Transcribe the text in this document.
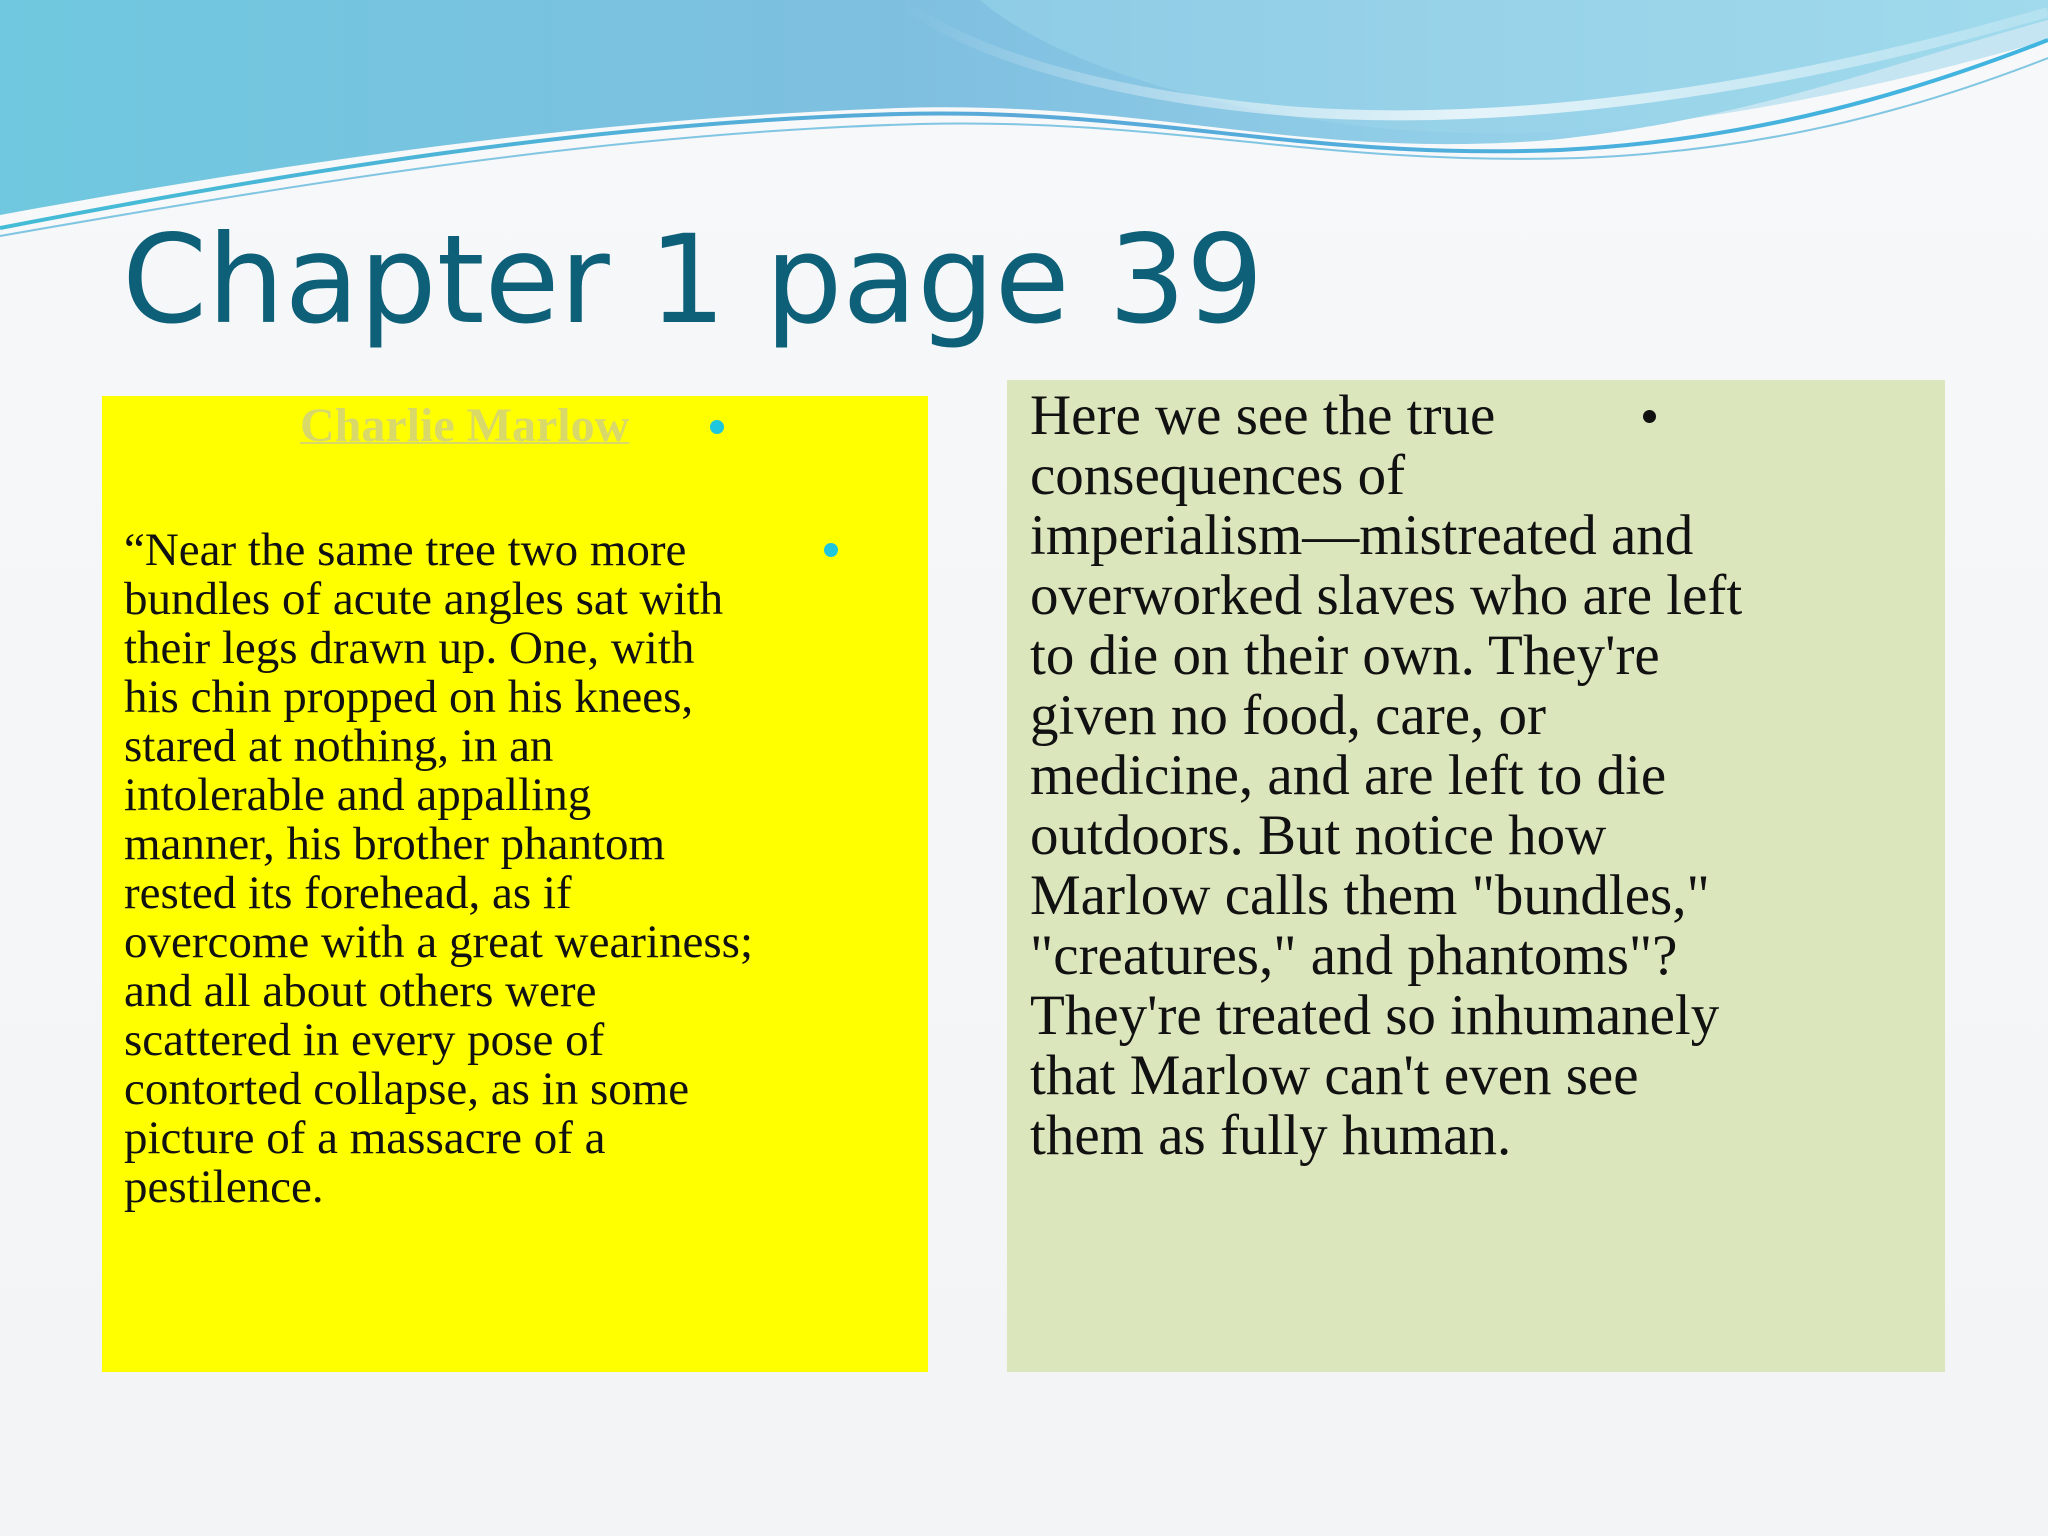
Chapter 1 page 39
Charlie Marlow

“Near the same tree two more
bundles of acute angles sat with
their legs drawn up. One, with
his chin propped on his knees,
stared at nothing, in an
intolerable and appalling
manner, his brother phantom
rested its forehead, as if
overcome with a great weariness;
and all about others were
scattered in every pose of
contorted collapse, as in some
picture of a massacre of a
pestilence.

Here we see the true
consequences of
imperialism—mistreated and
overworked slaves who are left
to die on their own. They're
given no food, care, or
medicine, and are left to die
outdoors. But notice how
Marlow calls them "bundles,"
"creatures," and phantoms"?
They're treated so inhumanely
that Marlow can't even see
them as fully human.
